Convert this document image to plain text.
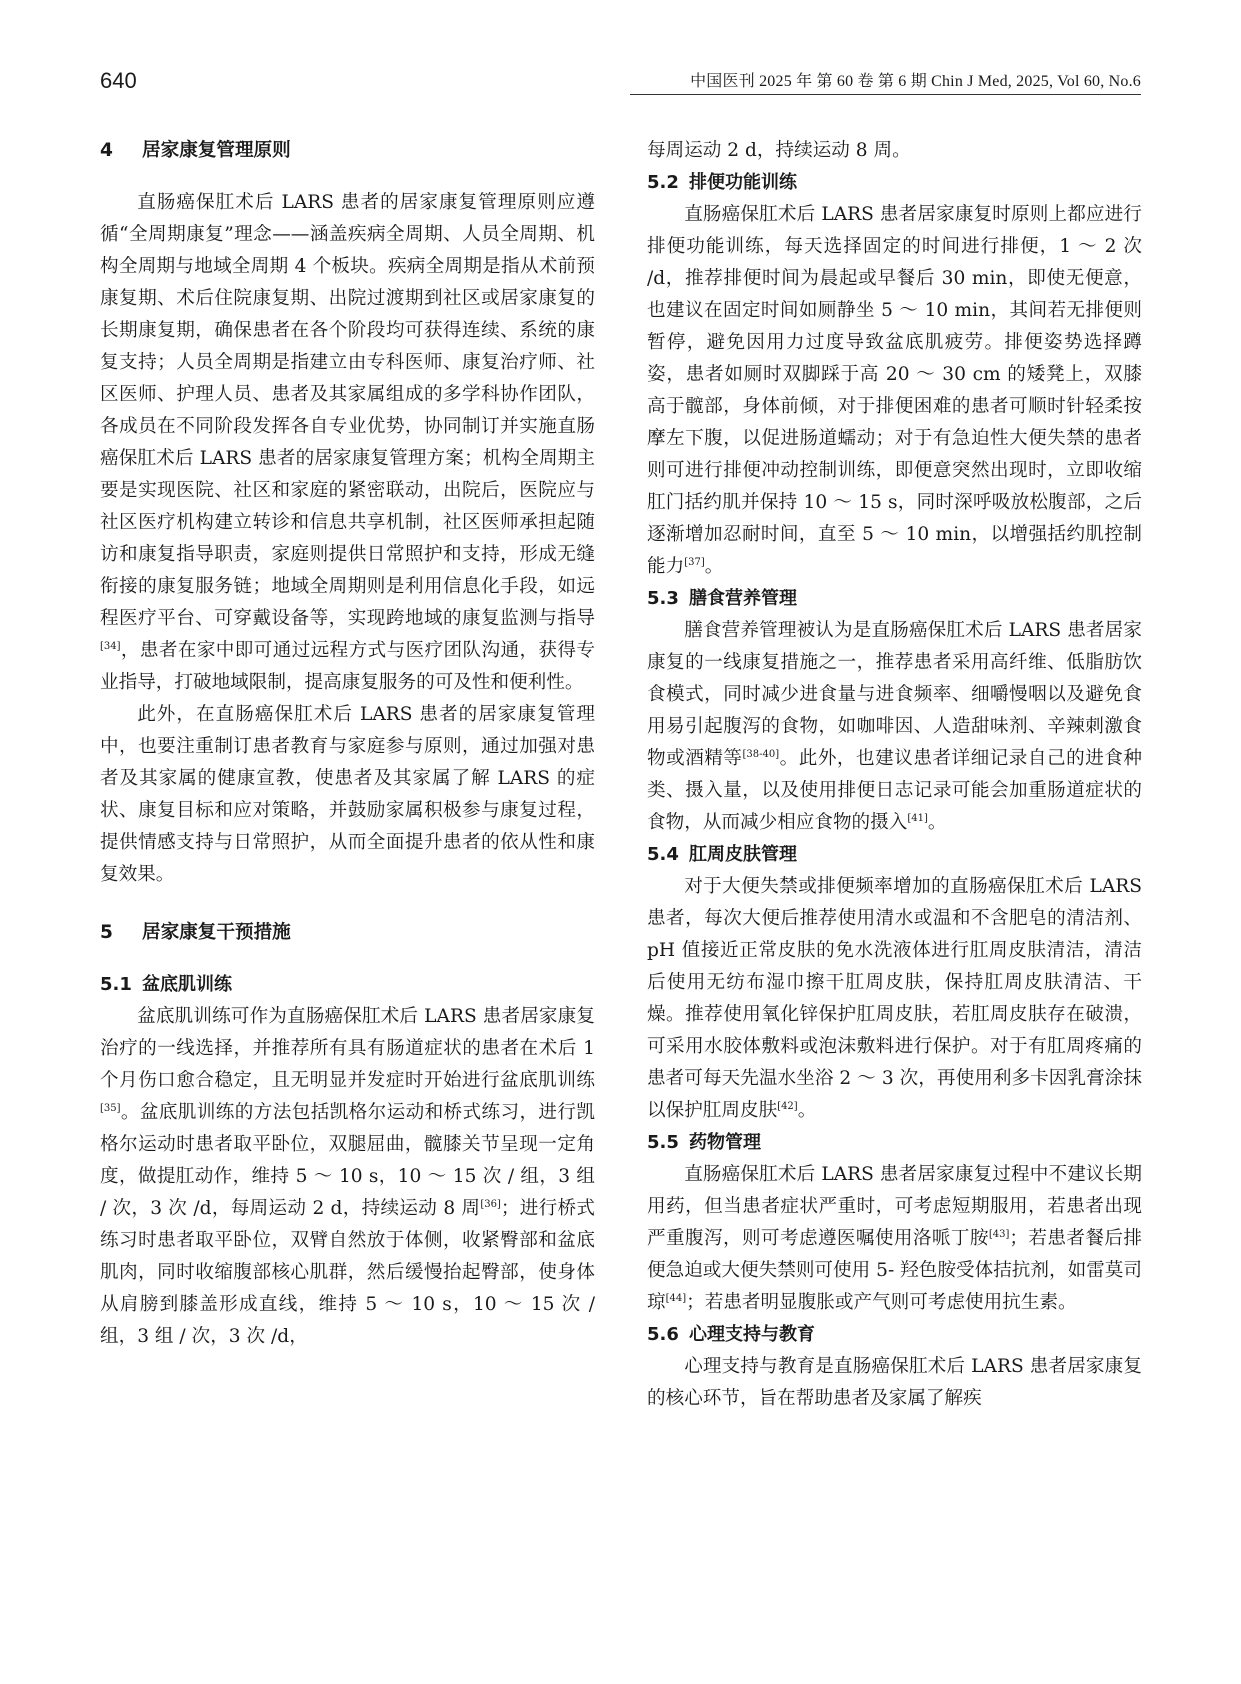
640	中国医刊 2025 年 第 60 卷 第 6 期 Chin J Med, 2025, Vol 60, No.6
4 居家康复管理原则

直肠癌保肛术后 LARS 患者的居家康复管理原则应遵循“全周期康复”理念——涵盖疾病全周期、人员全周期、机构全周期与地域全周期 4 个板块。疾病全周期是指从术前预康复期、术后住院康复期、出院过渡期到社区或居家康复的长期康复期，确保患者在各个阶段均可获得连续、系统的康复支持；人员全周期是指建立由专科医师、康复治疗师、社区医师、护理人员、患者及其家属组成的多学科协作团队，各成员在不同阶段发挥各自专业优势，协同制订并实施直肠癌保肛术后 LARS 患者的居家康复管理方案；机构全周期主要是实现医院、社区和家庭的紧密联动，出院后，医院应与社区医疗机构建立转诊和信息共享机制，社区医师承担起随访和康复指导职责，家庭则提供日常照护和支持，形成无缝衔接的康复服务链；地域全周期则是利用信息化手段，如远程医疗平台、可穿戴设备等，实现跨地域的康复监测与指导[34]，患者在家中即可通过远程方式与医疗团队沟通，获得专业指导，打破地域限制，提高康复服务的可及性和便利性。

此外，在直肠癌保肛术后 LARS 患者的居家康复管理中，也要注重制订患者教育与家庭参与原则，通过加强对患者及其家属的健康宣教，使患者及其家属了解 LARS 的症状、康复目标和应对策略，并鼓励家属积极参与康复过程，提供情感支持与日常照护，从而全面提升患者的依从性和康复效果。

5 居家康复干预措施
5.1 盆底肌训练

盆底肌训练可作为直肠癌保肛术后 LARS 患者居家康复治疗的一线选择，并推荐所有具有肠道症状的患者在术后 1 个月伤口愈合稳定，且无明显并发症时开始进行盆底肌训练[35]。盆底肌训练的方法包括凯格尔运动和桥式练习，进行凯格尔运动时患者取平卧位，双腿屈曲，髋膝关节呈现一定角度，做提肛动作，维持 5 ～ 10 s，10 ～ 15 次 / 组，3 组 / 次，3 次 /d，每周运动 2 d，持续运动 8 周[36]；进行桥式练习时患者取平卧位，双臂自然放于体侧，收紧臀部和盆底肌肉，同时收缩腹部核心肌群，然后缓慢抬起臀部，使身体从肩膀到膝盖形成直线，维持 5 ～ 10 s，10 ～ 15 次 / 组，3 组 / 次，3 次 /d，

每周运动 2 d，持续运动 8 周。

5.2 排便功能训练

直肠癌保肛术后 LARS 患者居家康复时原则上都应进行排便功能训练，每天选择固定的时间进行排便，1 ～ 2 次 /d，推荐排便时间为晨起或早餐后 30 min，即使无便意，也建议在固定时间如厕静坐 5 ～ 10 min，其间若无排便则暂停，避免因用力过度导致盆底肌疲劳。排便姿势选择蹲姿，患者如厕时双脚踩于高 20 ～ 30 cm 的矮凳上，双膝高于髋部，身体前倾，对于排便困难的患者可顺时针轻柔按摩左下腹，以促进肠道蠕动；对于有急迫性大便失禁的患者则可进行排便冲动控制训练，即便意突然出现时，立即收缩肛门括约肌并保持 10 ～ 15 s，同时深呼吸放松腹部，之后逐渐增加忍耐时间，直至 5 ～ 10 min，以增强括约肌控制能力[37]。

5.3 膳食营养管理

膳食营养管理被认为是直肠癌保肛术后 LARS 患者居家康复的一线康复措施之一，推荐患者采用高纤维、低脂肪饮食模式，同时减少进食量与进食频率、细嚼慢咽以及避免食用易引起腹泻的食物，如咖啡因、人造甜味剂、辛辣刺激食物或酒精等[38-40]。此外，也建议患者详细记录自己的进食种类、摄入量，以及使用排便日志记录可能会加重肠道症状的食物，从而减少相应食物的摄入[41]。

5.4 肛周皮肤管理

对于大便失禁或排便频率增加的直肠癌保肛术后 LARS 患者，每次大便后推荐使用清水或温和不含肥皂的清洁剂、pH 值接近正常皮肤的免水洗液体进行肛周皮肤清洁，清洁后使用无纺布湿巾擦干肛周皮肤，保持肛周皮肤清洁、干燥。推荐使用氧化锌保护肛周皮肤，若肛周皮肤存在破溃，可采用水胶体敷料或泡沫敷料进行保护。对于有肛周疼痛的患者可每天先温水坐浴 2 ～ 3 次，再使用利多卡因乳膏涂抹以保护肛周皮肤[42]。

5.5 药物管理

直肠癌保肛术后 LARS 患者居家康复过程中不建议长期用药，但当患者症状严重时，可考虑短期服用，若患者出现严重腹泻，则可考虑遵医嘱使用洛哌丁胺[43]；若患者餐后排便急迫或大便失禁则可使用 5- 羟色胺受体拮抗剂，如雷莫司琼[44]；若患者明显腹胀或产气则可考虑使用抗生素。

5.6 心理支持与教育

心理支持与教育是直肠癌保肛术后 LARS 患者居家康复的核心环节，旨在帮助患者及家属了解疾
